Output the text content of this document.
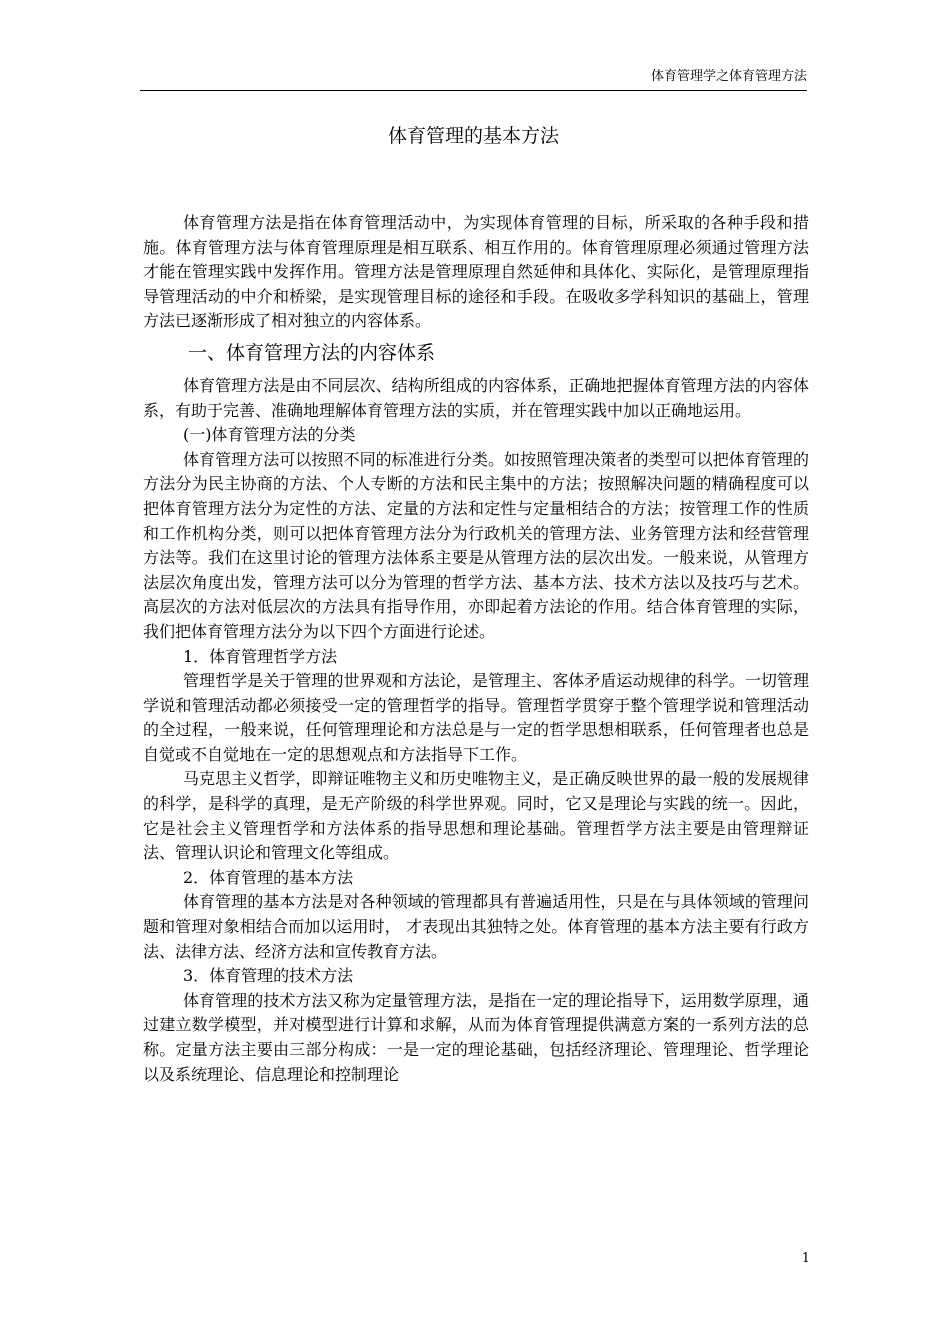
体育管理学之体育管理方法
体育管理的基本方法

体育管理方法是指在体育管理活动中，为实现体育管理的目标，所采取的各种手段和措施。体育管理方法与体育管理原理是相互联系、相互作用的。体育管理原理必须通过管理方法才能在管理实践中发挥作用。管理方法是管理原理自然延伸和具体化、实际化，是管理原理指导管理活动的中介和桥梁，是实现管理目标的途径和手段。在吸收多学科知识的基础上，管理方法已逐渐形成了相对独立的内容体系。

一、体育管理方法的内容体系

体育管理方法是由不同层次、结构所组成的内容体系，正确地把握体育管理方法的内容体系，有助于完善、准确地理解体育管理方法的实质，并在管理实践中加以正确地运用。

(一)体育管理方法的分类

体育管理方法可以按照不同的标准进行分类。如按照管理决策者的类型可以把体育管理的方法分为民主协商的方法、个人专断的方法和民主集中的方法；按照解决问题的精确程度可以把体育管理方法分为定性的方法、定量的方法和定性与定量相结合的方法；按管理工作的性质和工作机构分类，则可以把体育管理方法分为行政机关的管理方法、业务管理方法和经营管理方法等。我们在这里讨论的管理方法体系主要是从管理方法的层次出发。一般来说，从管理方法层次角度出发，管理方法可以分为管理的哲学方法、基本方法、技术方法以及技巧与艺术。高层次的方法对低层次的方法具有指导作用，亦即起着方法论的作用。结合体育管理的实际，我们把体育管理方法分为以下四个方面进行论述。

1．体育管理哲学方法

管理哲学是关于管理的世界观和方法论，是管理主、客体矛盾运动规律的科学。一切管理学说和管理活动都必须接受一定的管理哲学的指导。管理哲学贯穿于整个管理学说和管理活动的全过程，一般来说，任何管理理论和方法总是与一定的哲学思想相联系，任何管理者也总是自觉或不自觉地在一定的思想观点和方法指导下工作。

马克思主义哲学，即辩证唯物主义和历史唯物主义，是正确反映世界的最一般的发展规律的科学，是科学的真理，是无产阶级的科学世界观。同时，它又是理论与实践的统一。因此，它是社会主义管理哲学和方法体系的指导思想和理论基础。管理哲学方法主要是由管理辩证法、管理认识论和管理文化等组成。

2．体育管理的基本方法

体育管理的基本方法是对各种领域的管理都具有普遍适用性，只是在与具体领域的管理问题和管理对象相结合而加以运用时， 才表现出其独特之处。体育管理的基本方法主要有行政方法、法律方法、经济方法和宣传教育方法。

3．体育管理的技术方法

体育管理的技术方法又称为定量管理方法，是指在一定的理论指导下，运用数学原理，通过建立数学模型，并对模型进行计算和求解，从而为体育管理提供满意方案的一系列方法的总称。定量方法主要由三部分构成：一是一定的理论基础，包括经济理论、管理理论、哲学理论以及系统理论、信息理论和控制理论

1
